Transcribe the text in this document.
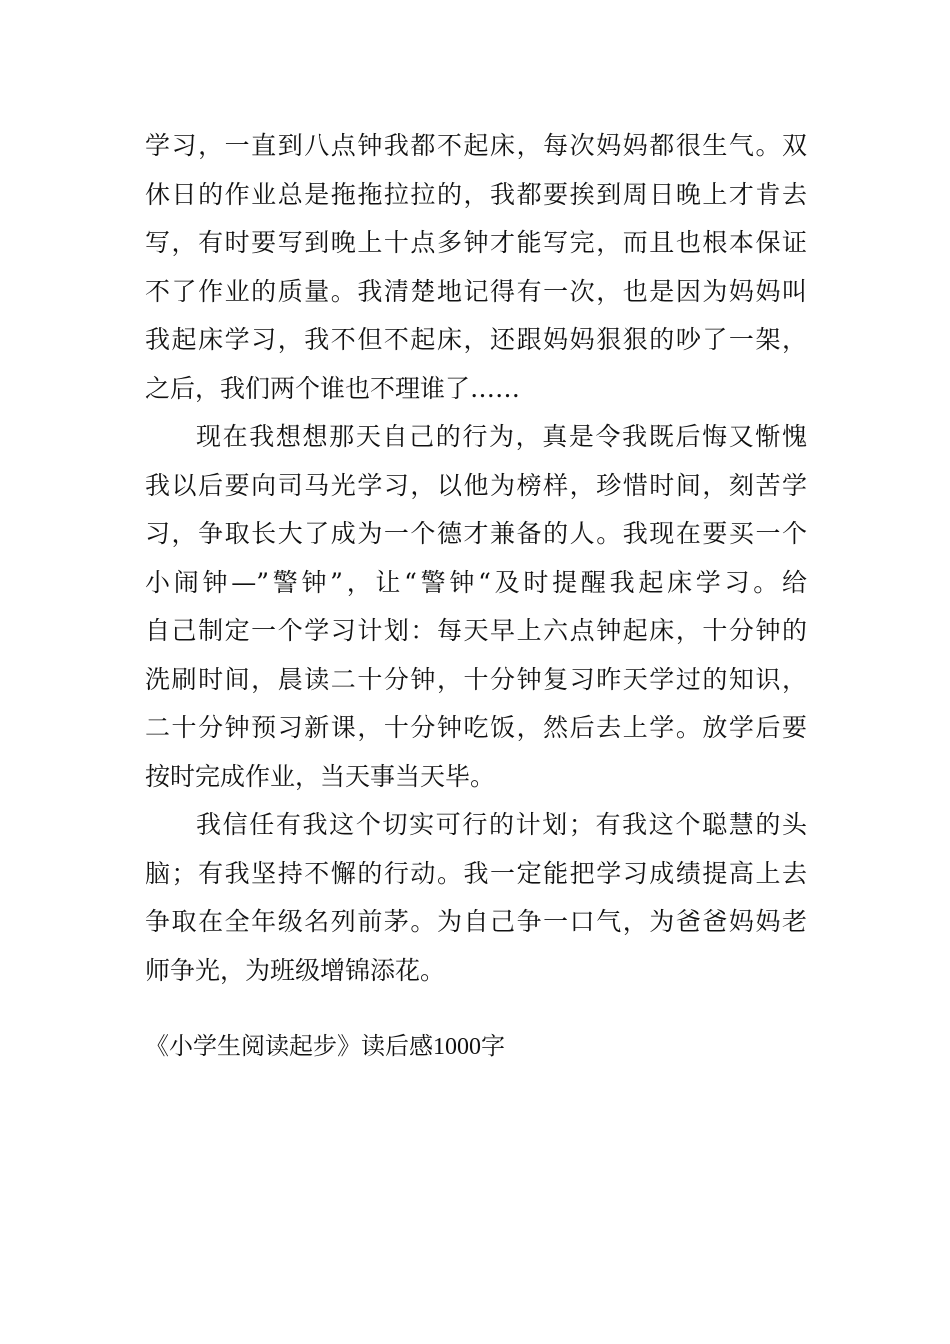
学习，一直到八点钟我都不起床，每次妈妈都很生气。双
休日的作业总是拖拖拉拉的，我都要挨到周日晚上才肯去
写，有时要写到晚上十点多钟才能写完，而且也根本保证
不了作业的质量。我清楚地记得有一次，也是因为妈妈叫
我起床学习，我不但不起床，还跟妈妈狠狠的吵了一架，
之后，我们两个谁也不理谁了……
现在我想想那天自己的行为，真是令我既后悔又惭愧
我以后要向司马光学习，以他为榜样，珍惜时间，刻苦学
习，争取长大了成为一个德才兼备的人。我现在要买一个
小闹钟—”警钟”，让“警钟“及时提醒我起床学习。给
自己制定一个学习计划：每天早上六点钟起床，十分钟的
洗刷时间，晨读二十分钟，十分钟复习昨天学过的知识，
二十分钟预习新课，十分钟吃饭，然后去上学。放学后要
按时完成作业，当天事当天毕。
我信任有我这个切实可行的计划；有我这个聪慧的头
脑；有我坚持不懈的行动。我一定能把学习成绩提高上去
争取在全年级名列前茅。为自己争一口气，为爸爸妈妈老
师争光，为班级增锦添花。
《小学生阅读起步》读后感1000字
